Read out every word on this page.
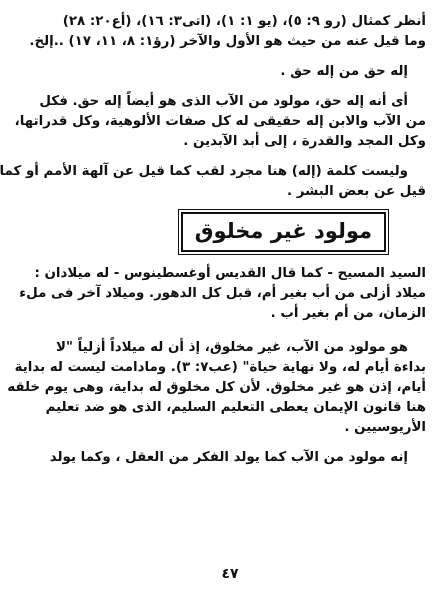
أنظر كمثال (رو ٩: ٥)، (يو ١: ١)، (اتى٣: ١٦)، (أع٢٠: ٢٨)
وما قيل عنه من حيث هو الأول والآخر (رؤ١: ٨، ١١، ١٧) ..إلخ.
إله حق من إله حق .
أى أنه إله حق، مولود من الآب الذى هو أيضاً إله حق. فكل
من الآب والابن إله حقيقى له كل صفات الألوهية، وكل قدراتها،
وكل المجد والقدرة ، إلى أبد الآبدين .
وليست كلمة (إله) هنا مجرد لقب كما قيل عن آلهة الأمم أو كما
قيل عن بعض البشر .
مولود غير مخلوق
السيد المسيح - كما قال القديس أوغسطينوس - له ميلادان :
ميلاد أزلى من أب بغير أم، قبل كل الدهور. وميلاد آخر فى ملء
الزمان، من أم بغير أب .
هو مولود من الآب، غير مخلوق، إذ أن له ميلاداً أزلياً "لا
بداءة أيام له، ولا نهاية حياة" (عب٧: ٣). ومادامت ليست له بداية
أيام، إذن هو غير مخلوق. لأن كل مخلوق له بداية، وهى يوم خلقه
هنا قانون الإيمان يعطى التعليم السليم، الذى هو ضد تعليم
الأريوسيين .
إنه مولود من الآب كما يولد الفكر من العقل ، وكما يولد
٤٧
